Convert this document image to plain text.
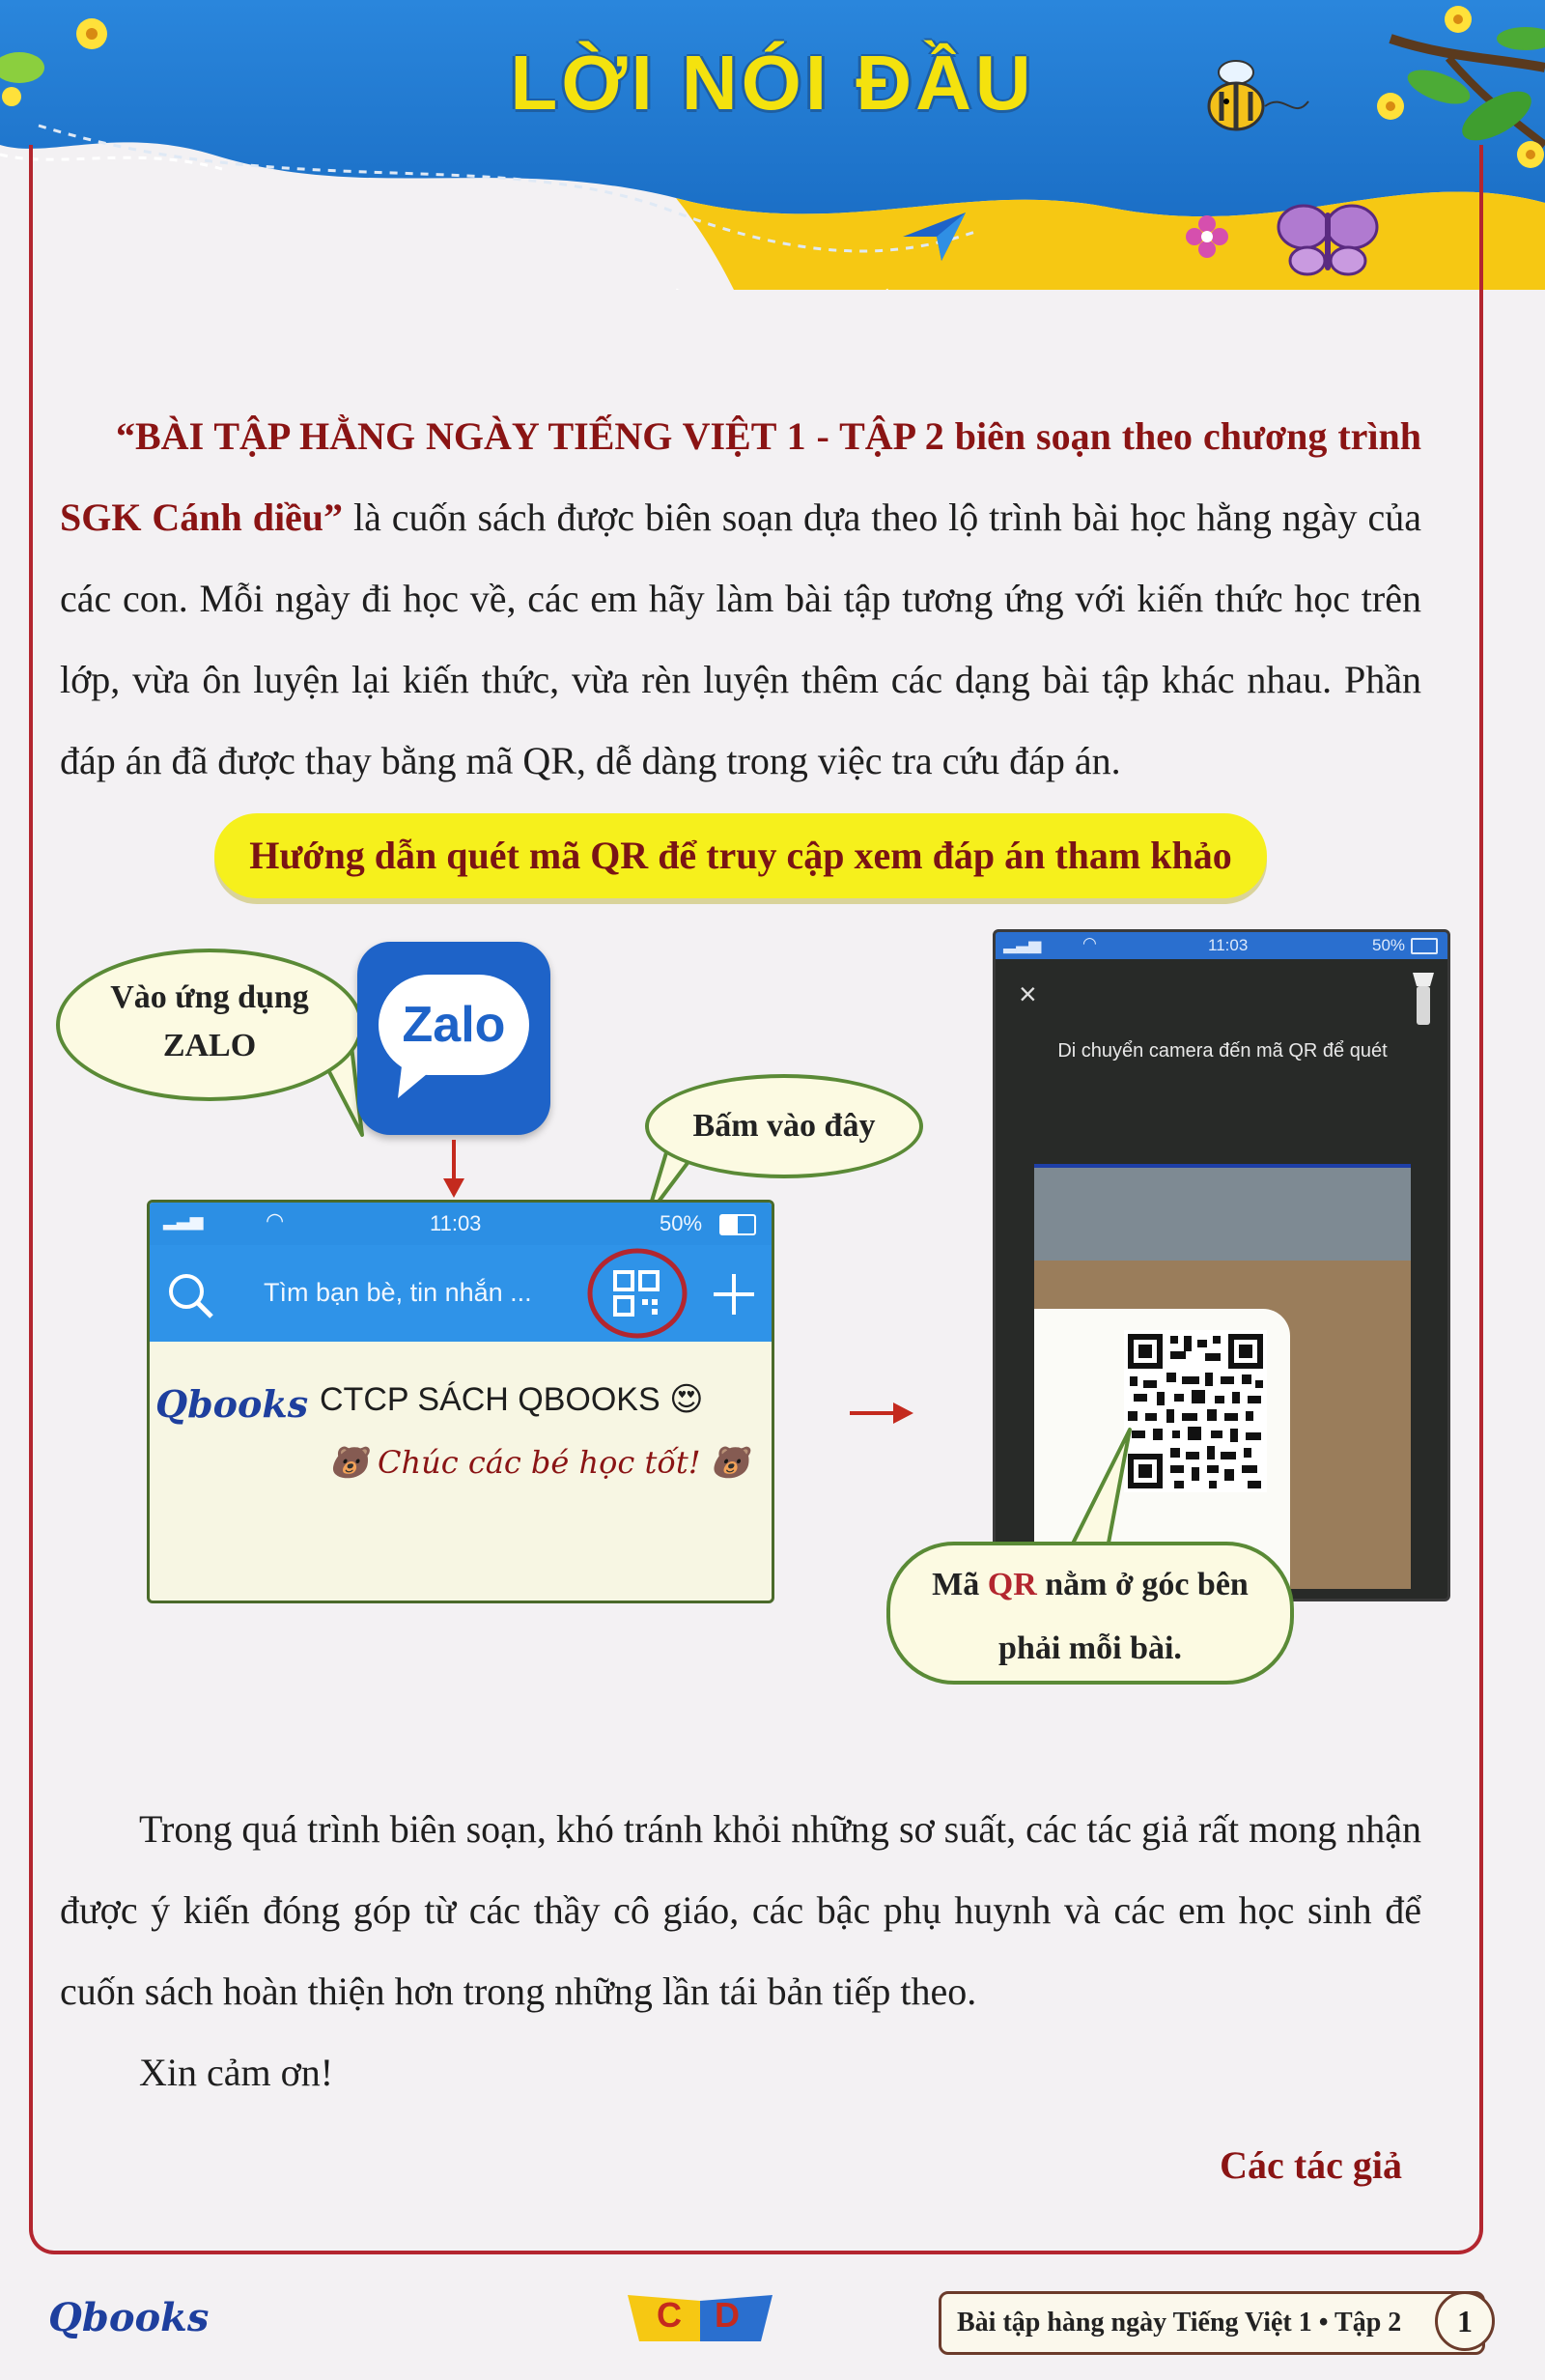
LỜI NÓI ĐẦU
“BÀI TẬP HẰNG NGÀY TIẾNG VIỆT 1 - TẬP 2 biên soạn theo chương trình SGK Cánh diều” là cuốn sách được biên soạn dựa theo lộ trình bài học hằng ngày của các con. Mỗi ngày đi học về, các em hãy làm bài tập tương ứng với kiến thức học trên lớp, vừa ôn luyện lại kiến thức, vừa rèn luyện thêm các dạng bài tập khác nhau. Phần đáp án đã được thay bằng mã QR, dễ dàng trong việc tra cứu đáp án.
Hướng dẫn quét mã QR để truy cập xem đáp án tham khảo
Vào ứng dụng
ZALO	Zalo
Bấm vào đây
▂▃▅	◠	11:03	50%
Tìm bạn bè, tin nhắn ...
Qbooks CTCP SÁCH QBOOKS 😍
🐻 Chúc các bé học tốt! 🐻
▂▃▅	◠	11:03	50%
×
Di chuyển camera đến mã QR để quét
Mã QR nằm ở góc bên
phải mỗi bài.
Trong quá trình biên soạn, khó tránh khỏi những sơ suất, các tác giả rất mong nhận được ý kiến đóng góp từ các thầy cô giáo, các bậc phụ huynh và các em học sinh để cuốn sách hoàn thiện hơn trong những lần tái bản tiếp theo.
Xin cảm ơn!
Các tác giả
Qbooks	C D	Bài tập hàng ngày Tiếng Việt 1 • Tập 2	1
